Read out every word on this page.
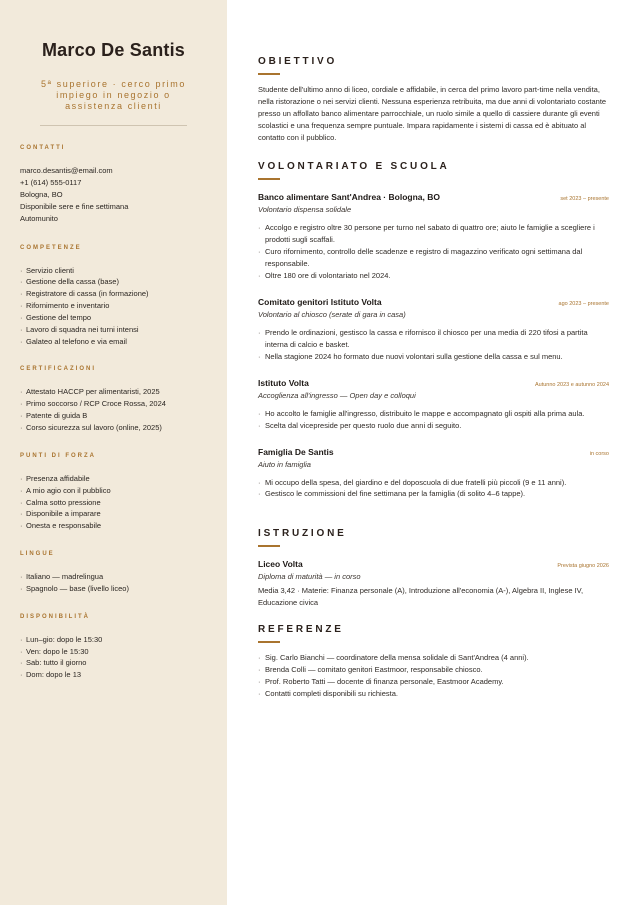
Marco De Santis
5ª superiore · cerco primo impiego in negozio o assistenza clienti
CONTATTI
marco.desantis@email.com
+1 (614) 555-0117
Bologna, BO
Disponibile sere e fine settimana
Automunito
COMPETENZE
· Servizio clienti
· Gestione della cassa (base)
· Registratore di cassa (in formazione)
· Rifornimento e inventario
· Gestione del tempo
· Lavoro di squadra nei turni intensi
· Galateo al telefono e via email
CERTIFICAZIONI
· Attestato HACCP per alimentaristi, 2025
· Primo soccorso / RCP Croce Rossa, 2024
· Patente di guida B
· Corso sicurezza sul lavoro (online, 2025)
PUNTI DI FORZA
· Presenza affidabile
· A mio agio con il pubblico
· Calma sotto pressione
· Disponibile a imparare
· Onesta e responsabile
LINGUE
· Italiano — madrelingua
· Spagnolo — base (livello liceo)
DISPONIBILITÀ
· Lun–gio: dopo le 15:30
· Ven: dopo le 15:30
· Sab: tutto il giorno
· Dom: dopo le 13
OBIETTIVO

Studente dell'ultimo anno di liceo, cordiale e affidabile, in cerca del primo lavoro part-time nella vendita, nella ristorazione o nei servizi clienti. Nessuna esperienza retribuita, ma due anni di volontariato costante presso un affollato banco alimentare parrocchiale, un ruolo simile a quello di cassiere durante gli eventi scolastici e una frequenza sempre puntuale. Impara rapidamente i sistemi di cassa ed è abituato al contatto con il pubblico.

VOLONTARIATO E SCUOLA
Banco alimentare Sant'Andrea · Bologna, BO	set 2023 – presente
Volontario dispensa solidale
· Accolgo e registro oltre 30 persone per turno nel sabato di quattro ore; aiuto le famiglie a scegliere i prodotti sugli scaffali.
· Curo rifornimento, controllo delle scadenze e registro di magazzino verificato ogni settimana dal responsabile.
· Oltre 180 ore di volontariato nel 2024.
Comitato genitori Istituto Volta	ago 2023 – presente
Volontario al chiosco (serate di gara in casa)
· Prendo le ordinazioni, gestisco la cassa e rifornisco il chiosco per una media di 220 tifosi a partita interna di calcio e basket.
· Nella stagione 2024 ho formato due nuovi volontari sulla gestione della cassa e sul menu.
Istituto Volta	Autunno 2023 e autunno 2024
Accoglienza all'ingresso — Open day e colloqui
· Ho accolto le famiglie all'ingresso, distribuito le mappe e accompagnato gli ospiti alla prima aula.
· Scelta dal vicepreside per questo ruolo due anni di seguito.
Famiglia De Santis	in corso
Aiuto in famiglia
· Mi occupo della spesa, del giardino e del doposcuola di due fratelli più piccoli (9 e 11 anni).
· Gestisco le commissioni del fine settimana per la famiglia (di solito 4–6 tappe).
ISTRUZIONE
Liceo Volta	Prevista giugno 2026
Diploma di maturità — in corso
Media 3,42 · Materie: Finanza personale (A), Introduzione all'economia (A-), Algebra II, Inglese IV, Educazione civica
REFERENZE
· Sig. Carlo Bianchi — coordinatore della mensa solidale di Sant'Andrea (4 anni).
· Brenda Colli — comitato genitori Eastmoor, responsabile chiosco.
· Prof. Roberto Tatti — docente di finanza personale, Eastmoor Academy.
· Contatti completi disponibili su richiesta.
